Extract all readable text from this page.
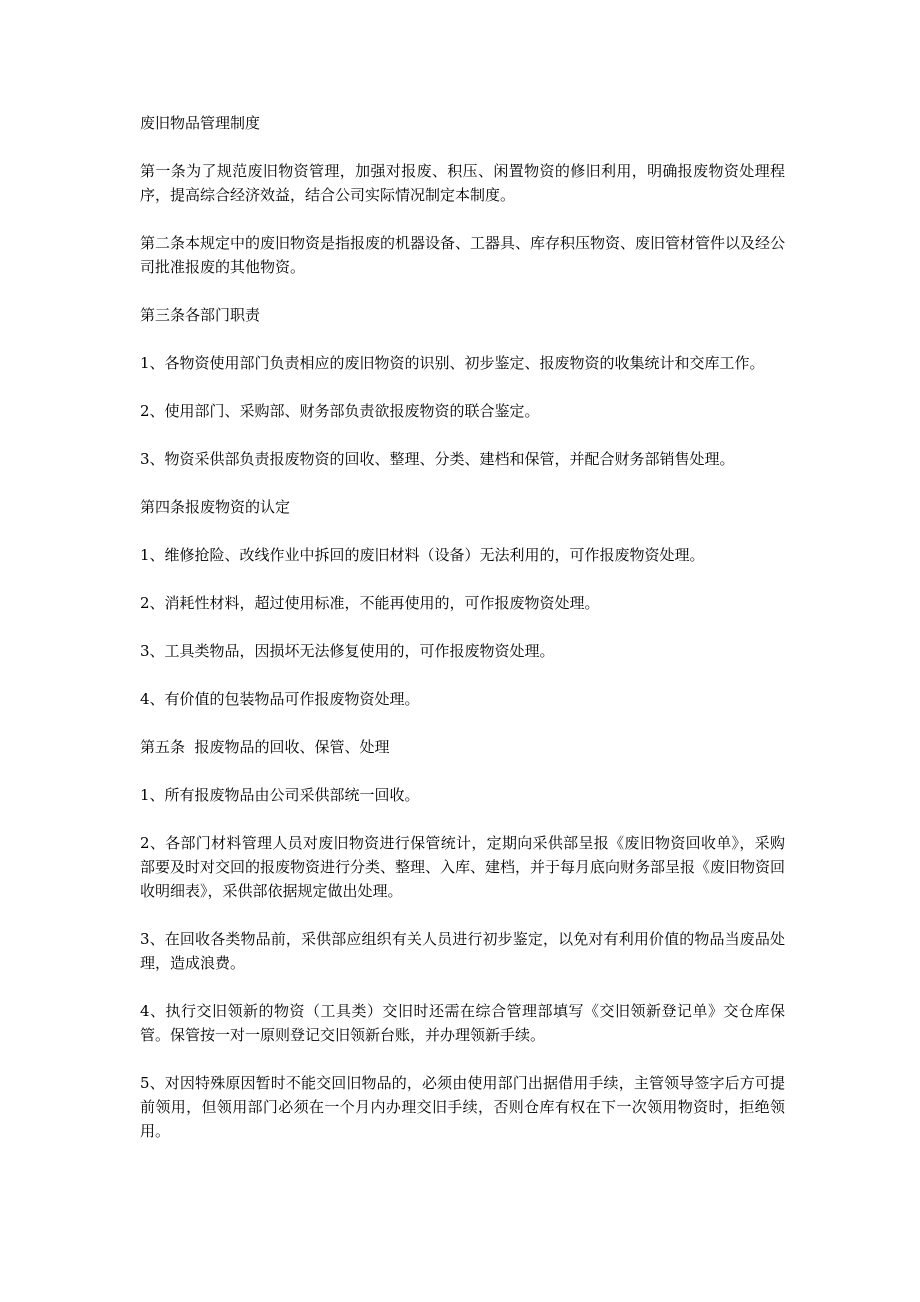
废旧物品管理制度

第一条为了规范废旧物资管理，加强对报废、积压、闲置物资的修旧利用，明确报废物资处理程序，提高综合经济效益，结合公司实际情况制定本制度。

第二条本规定中的废旧物资是指报废的机器设备、工器具、库存积压物资、废旧管材管件以及经公司批准报废的其他物资。

第三条各部门职责

1、各物资使用部门负责相应的废旧物资的识别、初步鉴定、报废物资的收集统计和交库工作。

2、使用部门、采购部、财务部负责欲报废物资的联合鉴定。

3、物资采供部负责报废物资的回收、整理、分类、建档和保管，并配合财务部销售处理。

第四条报废物资的认定

1、维修抢险、改线作业中拆回的废旧材料（设备）无法利用的，可作报废物资处理。

2、消耗性材料，超过使用标准，不能再使用的，可作报废物资处理。

3、工具类物品，因损坏无法修复使用的，可作报废物资处理。

4、有价值的包装物品可作报废物资处理。

第五条  报废物品的回收、保管、处理

1、所有报废物品由公司采供部统一回收。

2、各部门材料管理人员对废旧物资进行保管统计，定期向采供部呈报《废旧物资回收单》，采购部要及时对交回的报废物资进行分类、整理、入库、建档，并于每月底向财务部呈报《废旧物资回收明细表》，采供部依据规定做出处理。

3、在回收各类物品前，采供部应组织有关人员进行初步鉴定，以免对有利用价值的物品当废品处理，造成浪费。

4、执行交旧领新的物资（工具类）交旧时还需在综合管理部填写《交旧领新登记单》交仓库保管。保管按一对一原则登记交旧领新台账，并办理领新手续。

5、对因特殊原因暂时不能交回旧物品的，必须由使用部门出据借用手续，主管领导签字后方可提前领用，但领用部门必须在一个月内办理交旧手续，否则仓库有权在下一次领用物资时，拒绝领用。
